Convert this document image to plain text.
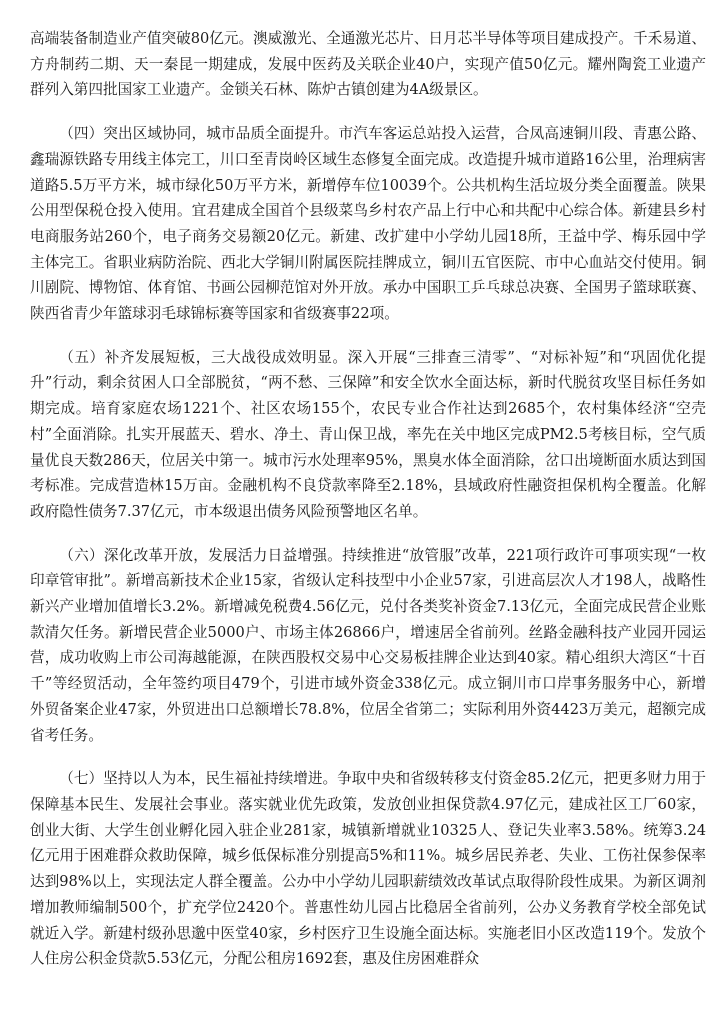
高端装备制造业产值突破80亿元。澳威激光、全通激光芯片、日月芯半导体等项目建成投产。千禾易道、方舟制药二期、天一秦昆一期建成，发展中医药及关联企业40户，实现产值50亿元。耀州陶瓷工业遗产群列入第四批国家工业遗产。金锁关石林、陈炉古镇创建为4A级景区。

（四）突出区域协同，城市品质全面提升。市汽车客运总站投入运营，合凤高速铜川段、青惠公路、鑫瑞源铁路专用线主体完工，川口至青岗岭区域生态修复全面完成。改造提升城市道路16公里，治理病害道路5.5万平方米，城市绿化50万平方米，新增停车位10039个。公共机构生活垃圾分类全面覆盖。陕果公用型保税仓投入使用。宜君建成全国首个县级菜鸟乡村农产品上行中心和共配中心综合体。新建县乡村电商服务站260个，电子商务交易额20亿元。新建、改扩建中小学幼儿园18所，王益中学、梅乐园中学主体完工。省职业病防治院、西北大学铜川附属医院挂牌成立，铜川五官医院、市中心血站交付使用。铜川剧院、博物馆、体育馆、书画公园柳范馆对外开放。承办中国职工乒乓球总决赛、全国男子篮球联赛、陕西省青少年篮球羽毛球锦标赛等国家和省级赛事22项。

（五）补齐发展短板，三大战役成效明显。深入开展“三排查三清零”、“对标补短”和“巩固优化提升”行动，剩余贫困人口全部脱贫，“两不愁、三保障”和安全饮水全面达标，新时代脱贫攻坚目标任务如期完成。培育家庭农场1221个、社区农场155个，农民专业合作社达到2685个，农村集体经济“空壳村”全面消除。扎实开展蓝天、碧水、净土、青山保卫战，率先在关中地区完成PM2.5考核目标，空气质量优良天数286天，位居关中第一。城市污水处理率95%，黑臭水体全面消除，岔口出境断面水质达到国考标准。完成营造林15万亩。金融机构不良贷款率降至2.18%，县域政府性融资担保机构全覆盖。化解政府隐性债务7.37亿元，市本级退出债务风险预警地区名单。

（六）深化改革开放，发展活力日益增强。持续推进“放管服”改革，221项行政许可事项实现“一枚印章管审批”。新增高新技术企业15家，省级认定科技型中小企业57家，引进高层次人才198人，战略性新兴产业增加值增长3.2%。新增减免税费4.56亿元，兑付各类奖补资金7.13亿元，全面完成民营企业账款清欠任务。新增民营企业5000户、市场主体26866户，增速居全省前列。丝路金融科技产业园开园运营，成功收购上市公司海越能源，在陕西股权交易中心交易板挂牌企业达到40家。精心组织大湾区“十百千”等经贸活动，全年签约项目479个，引进市域外资金338亿元。成立铜川市口岸事务服务中心，新增外贸备案企业47家，外贸进出口总额增长78.8%，位居全省第二；实际利用外资4423万美元，超额完成省考任务。

（七）坚持以人为本，民生福祉持续增进。争取中央和省级转移支付资金85.2亿元，把更多财力用于保障基本民生、发展社会事业。落实就业优先政策，发放创业担保贷款4.97亿元，建成社区工厂60家，创业大街、大学生创业孵化园入驻企业281家，城镇新增就业10325人、登记失业率3.58%。统筹3.24亿元用于困难群众救助保障，城乡低保标准分别提高5%和11%。城乡居民养老、失业、工伤社保参保率达到98%以上，实现法定人群全覆盖。公办中小学幼儿园职薪绩效改革试点取得阶段性成果。为新区调剂增加教师编制500个，扩充学位2420个。普惠性幼儿园占比稳居全省前列，公办义务教育学校全部免试就近入学。新建村级孙思邈中医堂40家，乡村医疗卫生设施全面达标。实施老旧小区改造119个。发放个人住房公积金贷款5.53亿元，分配公租房1692套，惠及住房困难群众
